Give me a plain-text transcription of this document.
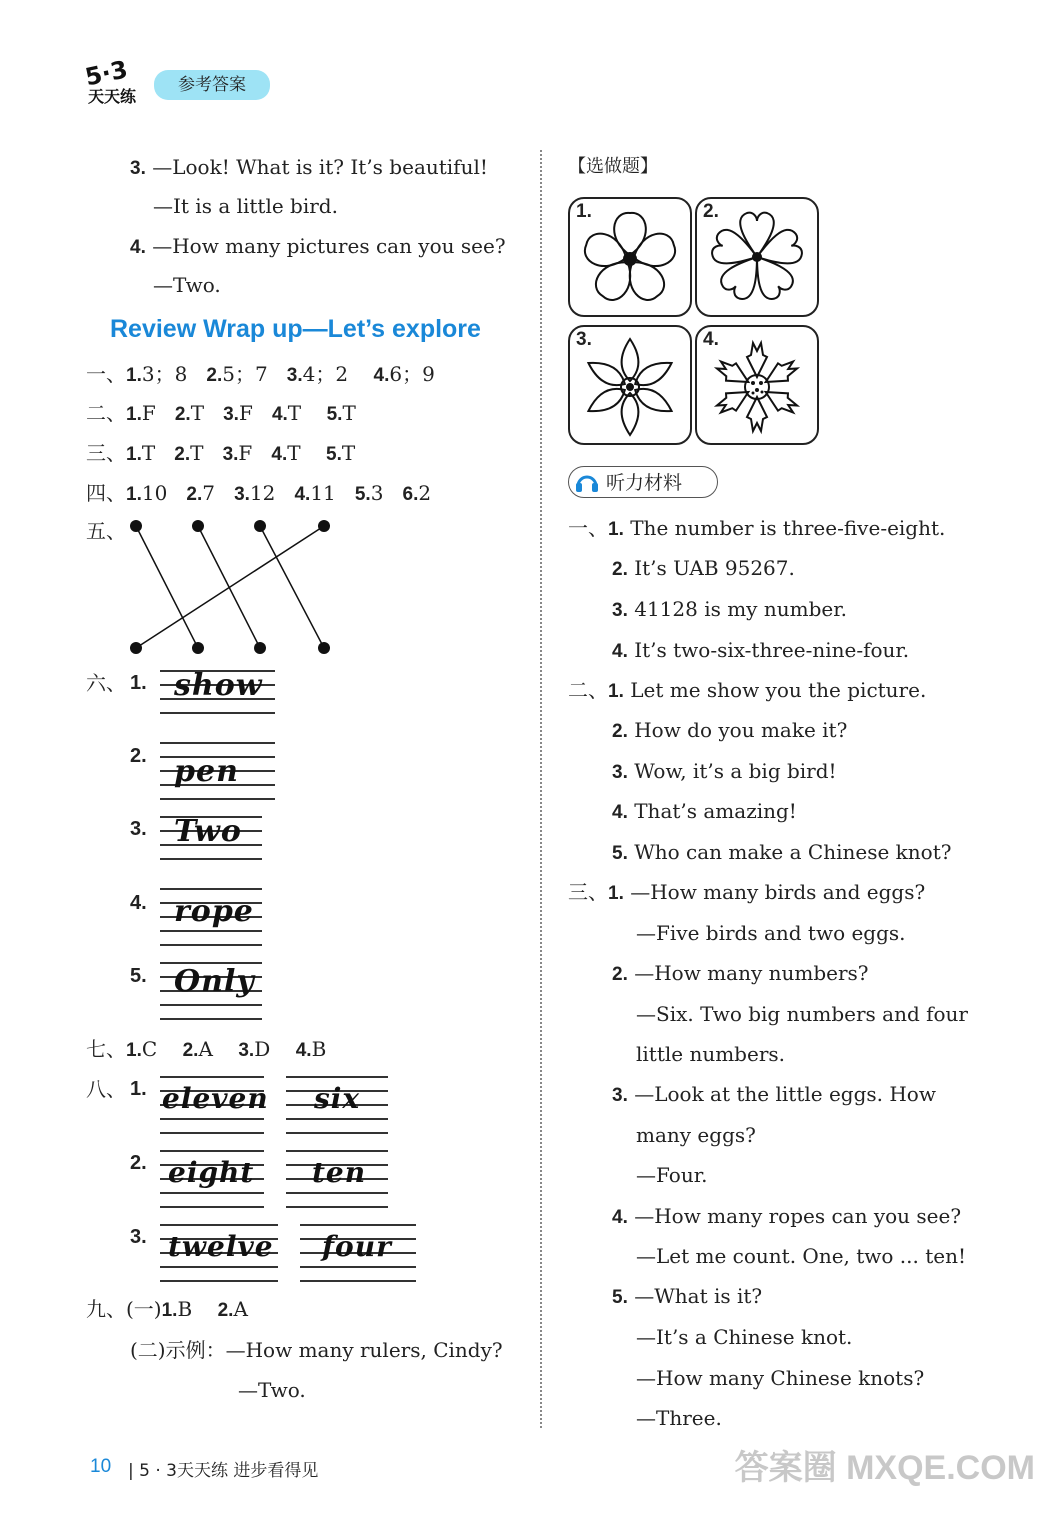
5·3
天天练
参考答案
3. —Look! What is it? It’s beautiful!
—It is a little bird.
4. —How many pictures can you see?
—Two.
Review Wrap up—Let’s explore
一、1.3；8 2.5；7 3.4；2 4.6；9
二、1.F 2.T 3.F 4.T 5.T
三、1.T 2.T 3.F 4.T 5.T
四、1.10 2.7 3.12 4.11 5.3 6.2
五、
六、 1. show
2. pen
3. Two
4. rope
5. Only
七、1.C 2.A 3.D 4.B
八、 1. eleven six
2. eight ten
3. twelve four
九、(一)1.B 2.A
(二)示例：—How many rulers, Cindy?
—Two.
【选做题】
1.	2.
3.	4.
听力材料
一、1. The number is three-five-eight.
2. It’s UAB 95267.
3. 41128 is my number.
4. It’s two-six-three-nine-four.
二、1. Let me show you the picture.
2. How do you make it?
3. Wow, it’s a big bird!
4. That’s amazing!
5. Who can make a Chinese knot?
三、1. —How many birds and eggs?
—Five birds and two eggs.
2. —How many numbers?
—Six. Two big numbers and four
little numbers.
3. —Look at the little eggs. How
many eggs?
—Four.
4. —How many ropes can you see?
—Let me count. One, two ... ten!
5. —What is it?
—It’s a Chinese knot.
—How many Chinese knots?
—Three.
10 | 5 · 3天天练 进步看得见	答案圈 MXQE.COM
